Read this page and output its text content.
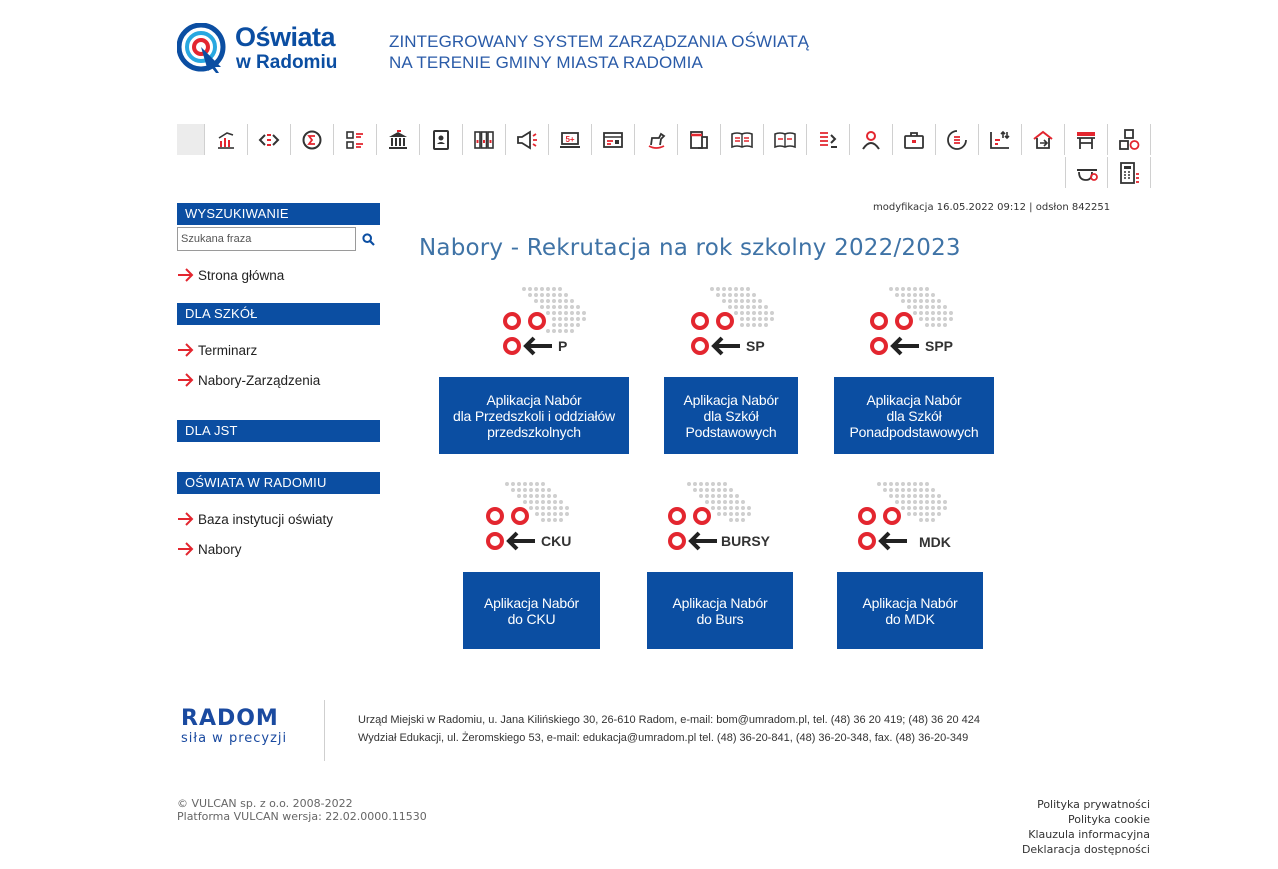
Oświata
w Radomiu
ZINTEGROWANY SYSTEM ZARZĄDZANIA OŚWIATĄ
NA TERENIE GMINY MIASTA RADOMIA
5+
WYSZUKIWANIE
Szukana fraza
Strona główna
DLA SZKÓŁ
Terminarz
Nabory-Zarządzenia
DLA JST
OŚWIATA W RADOMIU
Baza instytucji oświaty
Nabory
modyfikacja 16.05.2022 09:12 | odsłon 842251
Nabory - Rekrutacja na rok szkolny 2022/2023
P
Aplikacja Nabór
dla Przedszkoli i oddziałów
przedszkolnych
SP
Aplikacja Nabór
dla Szkół
Podstawowych
SPP
Aplikacja Nabór
dla Szkół
Ponadpodstawowych
CKU
Aplikacja Nabór
do CKU
BURSY
Aplikacja Nabór
do Burs
MDK
Aplikacja Nabór
do MDK
RADOM
siła w precyzji
Urząd Miejski w Radomiu, u. Jana Kilińskiego 30, 26-610 Radom, e-mail: bom@umradom.pl, tel. (48) 36 20 419; (48) 36 20 424
Wydział Edukacji, ul. Żeromskiego 53, e-mail: edukacja@umradom.pl tel. (48) 36-20-841, (48) 36-20-348, fax. (48) 36-20-349
© VULCAN sp. z o.o. 2008-2022
Platforma VULCAN wersja: 22.02.0000.11530
Polityka prywatności
Polityka cookie
Klauzula informacyjna
Deklaracja dostępności
